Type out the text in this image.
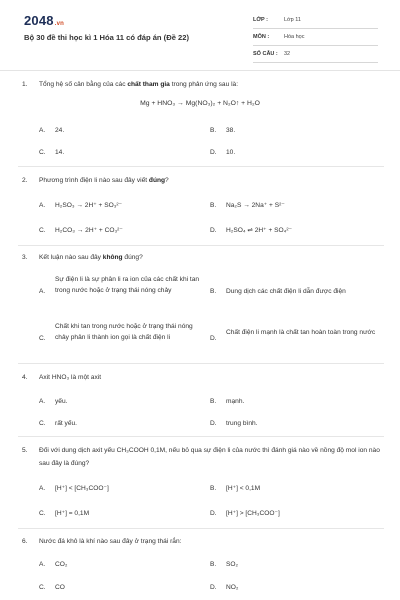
2048.vn
Bộ 30 đề thi học kì 1 Hóa 11 có đáp án (Đề 22)
LỚP :	Lớp 11
MÔN :	Hóa học
SỐ CÂU : 32
1. Tổng hệ số cân bằng của các chất tham gia trong phản ứng sau là:
Mg + HNO₃ → Mg(NO₃)₂ + N₂O↑ + H₂O
A. 24.	B. 38.
C. 14.	D. 10.
2. Phương trình điện li nào sau đây viết đúng?
A. H₂SO₃ → 2H⁺ + SO₃²⁻	B. Na₂S → 2Na⁺ + S²⁻
C. H₂CO₃ → 2H⁺ + CO₃²⁻	D. H₂SO₄ ⇌ 2H⁺ + SO₄²⁻
3. Kết luận nào sau đây không đúng?
A.
Sự điện li là sự phân li ra ion của các chất khi tan trong nước hoặc ở trạng thái nóng chảy	B. Dung dịch các chất điện li dẫn được điện
C.
Chất khi tan trong nước hoặc ở trạng thái nóng chảy phân li thành ion gọi là chất điện li	D.
Chất điện li mạnh là chất tan hoàn toàn trong nước
4. Axit HNO₃ là một axit
A. yếu.	B. mạnh.
C. rất yếu.	D. trung bình.
5. Đối với dung dịch axit yếu CH₃COOH 0,1M, nếu bỏ qua sự điện li của nước thì đánh giá nào về nồng độ mol ion nào sau đây là đúng?
A. [H⁺] < [CH₃COO⁻]	B. [H⁺] < 0,1M
C. [H⁺] = 0,1M	D. [H⁺] > [CH₃COO⁻]
6. Nước đá khô là khí nào sau đây ở trạng thái rắn:
A. CO₂	B. SO₂
C. CO	D. NO₂
